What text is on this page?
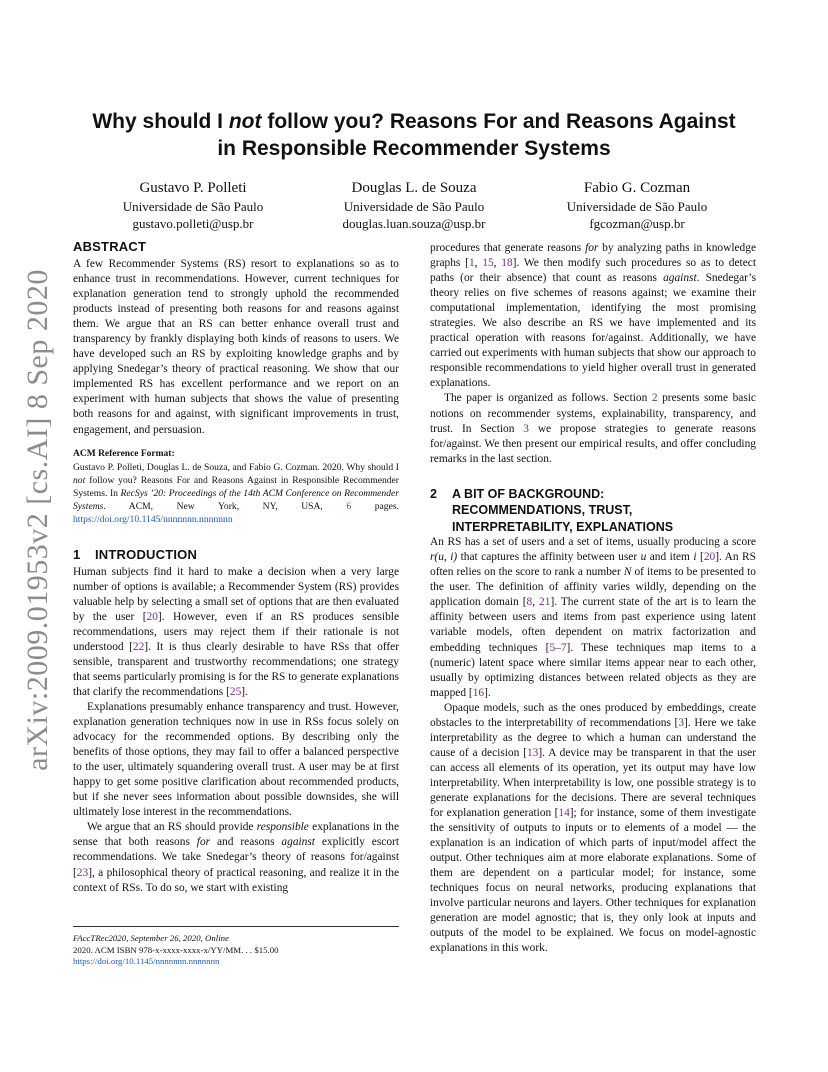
arXiv:2009.01953v2 [cs.AI] 8 Sep 2020
Why should I not follow you? Reasons For and Reasons Against
in Responsible Recommender Systems
Gustavo P. Polleti
Universidade de São Paulo
gustavo.polleti@usp.br
Douglas L. de Souza
Universidade de São Paulo
douglas.luan.souza@usp.br
Fabio G. Cozman
Universidade de São Paulo
fgcozman@usp.br
ABSTRACT

A few Recommender Systems (RS) resort to explanations so as to enhance trust in recommendations. However, current techniques for explanation generation tend to strongly uphold the recommended products instead of presenting both reasons for and reasons against them. We argue that an RS can better enhance overall trust and transparency by frankly displaying both kinds of reasons to users. We have developed such an RS by exploiting knowledge graphs and by applying Snedegar’s theory of practical reasoning. We show that our implemented RS has excellent performance and we report on an experiment with human subjects that shows the value of presenting both reasons for and against, with significant improvements in trust, engagement, and persuasion.

ACM Reference Format:

Gustavo P. Polleti, Douglas L. de Souza, and Fabio G. Cozman. 2020. Why should I not follow you? Reasons For and Reasons Against in Responsible Recommender Systems. In RecSys ’20: Proceedings of the 14th ACM Conference on Recommender Systems. ACM, New York, NY, USA, 6 pages. https://doi.org/10.1145/nnnnnnn.nnnnnnn

1 INTRODUCTION

Human subjects find it hard to make a decision when a very large number of options is available; a Recommender System (RS) provides valuable help by selecting a small set of options that are then evaluated by the user [20]. However, even if an RS produces sensible recommendations, users may reject them if their rationale is not understood [22]. It is thus clearly desirable to have RSs that offer sensible, transparent and trustworthy recommendations; one strategy that seems particularly promising is for the RS to generate explanations that clarify the recommendations [25].

Explanations presumably enhance transparency and trust. However, explanation generation techniques now in use in RSs focus solely on advocacy for the recommended options. By describing only the benefits of those options, they may fail to offer a balanced perspective to the user, ultimately squandering overall trust. A user may be at first happy to get some positive clarification about recommended products, but if she never sees information about possible downsides, she will ultimately lose interest in the recommendations.

We argue that an RS should provide responsible explanations in the sense that both reasons for and reasons against explicitly escort recommendations. We take Snedegar’s theory of reasons for/against [23], a philosophical theory of practical reasoning, and realize it in the context of RSs. To do so, we start with existing

FAccTRec2020, September 26, 2020, Online
2020. ACM ISBN 978-x-xxxx-xxxx-x/YY/MM. . . $15.00
https://doi.org/10.1145/nnnnnnn.nnnnnnn

procedures that generate reasons for by analyzing paths in knowledge graphs [1, 15, 18]. We then modify such procedures so as to detect paths (or their absence) that count as reasons against. Snedegar’s theory relies on five schemes of reasons against; we examine their computational implementation, identifying the most promising strategies. We also describe an RS we have implemented and its practical operation with reasons for/against. Additionally, we have carried out experiments with human subjects that show our approach to responsible recommendations to yield higher overall trust in generated explanations.

The paper is organized as follows. Section 2 presents some basic notions on recommender systems, explainability, transparency, and trust. In Section 3 we propose strategies to generate reasons for/against. We then present our empirical results, and offer concluding remarks in the last section.

2	A BIT OF BACKGROUND:
RECOMMENDATIONS, TRUST,
INTERPRETABILITY, EXPLANATIONS

An RS has a set of users and a set of items, usually producing a score r(u, i) that captures the affinity between user u and item i [20]. An RS often relies on the score to rank a number N of items to be presented to the user. The definition of affinity varies wildly, depending on the application domain [8, 21]. The current state of the art is to learn the affinity between users and items from past experience using latent variable models, often dependent on matrix factorization and embedding techniques [5–7]. These techniques map items to a (numeric) latent space where similar items appear near to each other, usually by optimizing distances between related objects as they are mapped [16].

Opaque models, such as the ones produced by embeddings, create obstacles to the interpretability of recommendations [3]. Here we take interpretability as the degree to which a human can understand the cause of a decision [13]. A device may be transparent in that the user can access all elements of its operation, yet its output may have low interpretability. When interpretability is low, one possible strategy is to generate explanations for the decisions. There are several techniques for explanation generation [14]; for instance, some of them investigate the sensitivity of outputs to inputs or to elements of a model — the explanation is an indication of which parts of input/model affect the output. Other techniques aim at more elaborate explanations. Some of them are dependent on a particular model; for instance, some techniques focus on neural networks, producing explanations that involve particular neurons and layers. Other techniques for explanation generation are model agnostic; that is, they only look at inputs and outputs of the model to be explained. We focus on model-agnostic explanations in this work.
